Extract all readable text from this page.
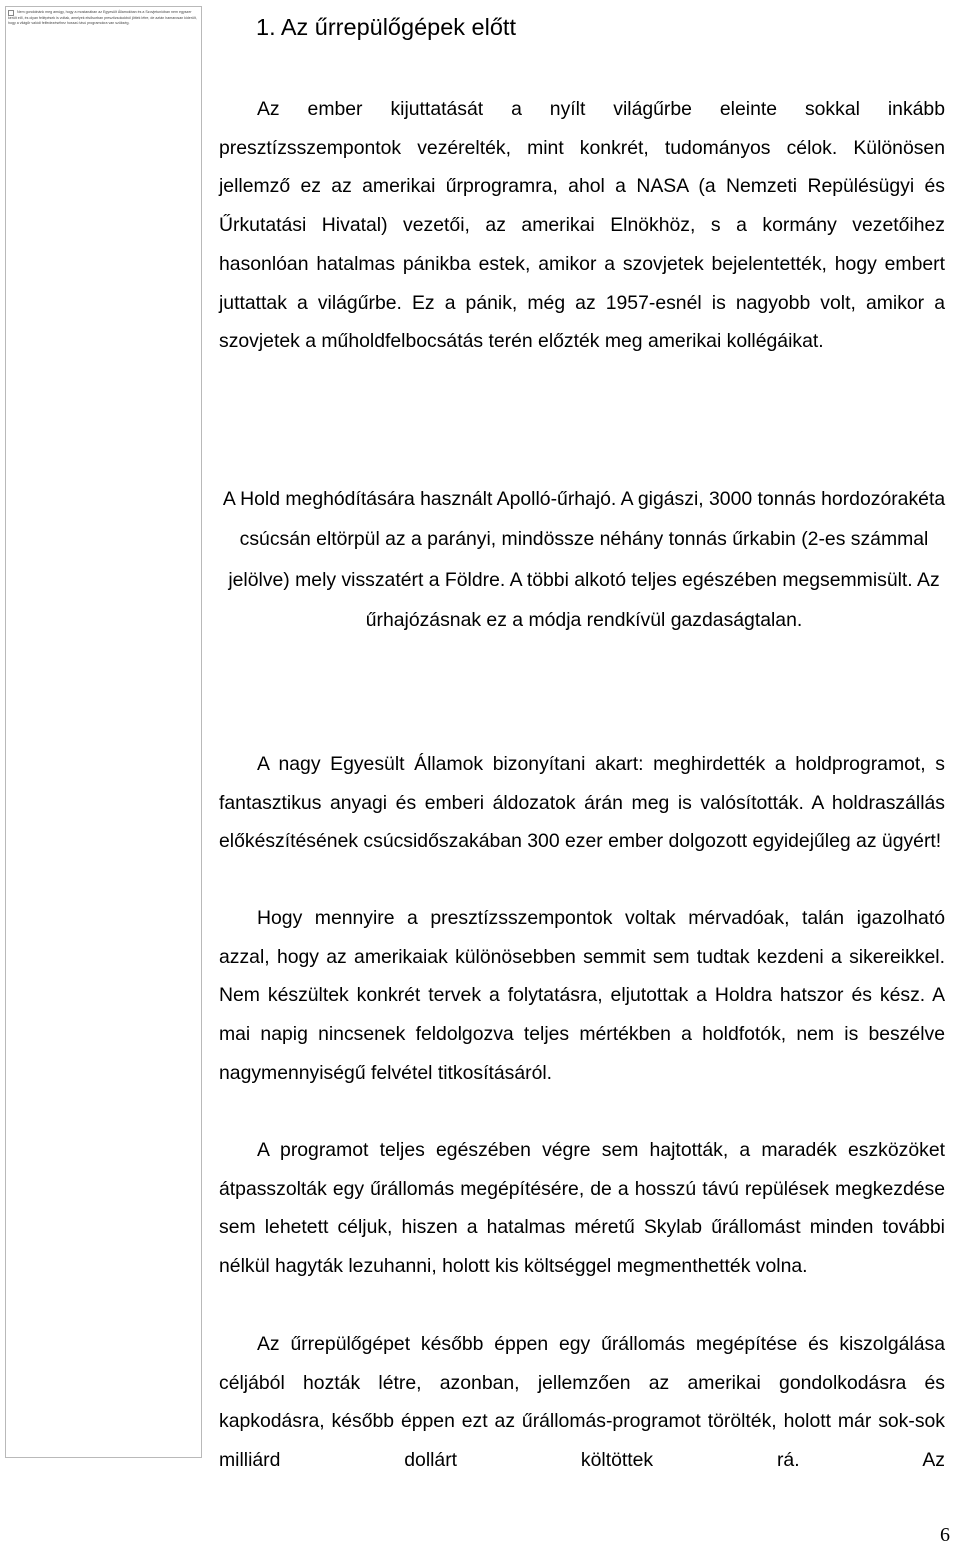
Nem gondolnánk meg amúgy, hogy a mostanában az Egyesült Államokban és a Szovjetunióban nem egyszer került elő, és olyan fellépések is voltak, amelyek elsősorban presztízsokokból jöttek létre, de aztán hamarosan kiderült, hogy a világűr valódi felfedezéséhez hosszú távú programokra van szükség.	1. Az űrrepülőgépek előtt

Az ember kijuttatását a nyílt világűrbe eleinte sokkal inkább presztízsszempontok vezérelték, mint konkrét, tudományos célok. Különösen jellemző ez az amerikai űrprogramra, ahol a NASA (a Nemzeti Repülésügyi és Űrkutatási Hivatal) vezetői, az amerikai Elnökhöz, s a kormány vezetőihez hasonlóan hatalmas pánikba estek, amikor a szovjetek bejelentették, hogy embert juttattak a világűrbe. Ez a pánik, még az 1957-esnél is nagyobb volt, amikor a szovjetek a műholdfelbocsátás terén előzték meg amerikai kollégáikat.

A Hold meghódítására használt Apolló-űrhajó. A gigászi, 3000 tonnás hordozórakéta csúcsán eltörpül az a parányi, mindössze néhány tonnás űrkabin (2-es számmal jelölve) mely visszatért a Földre. A többi alkotó teljes egészében megsemmisült. Az űrhajózásnak ez a módja rendkívül gazdaságtalan.

A nagy Egyesült Államok bizonyítani akart: meghirdették a holdprogramot, s fantasztikus anyagi és emberi áldozatok árán meg is valósították. A holdraszállás előkészítésének csúcsidőszakában 300 ezer ember dolgozott egyidejűleg az ügyért!

Hogy mennyire a presztízsszempontok voltak mérvadóak, talán igazolható azzal, hogy az amerikaiak különösebben semmit sem tudtak kezdeni a sikereikkel. Nem készültek konkrét tervek a folytatásra, eljutottak a Holdra hatszor és kész. A mai napig nincsenek feldolgozva teljes mértékben a holdfotók, nem is beszélve nagymennyiségű felvétel titkosításáról.

A programot teljes egészében végre sem hajtották, a maradék eszközöket átpasszolták egy űrállomás megépítésére, de a hosszú távú repülések megkezdése sem lehetett céljuk, hiszen a hatalmas méretű Skylab űrállomást minden további nélkül hagyták lezuhanni, holott kis költséggel megmenthették volna.

Az űrrepülőgépet később éppen egy űrállomás megépítése és kiszolgálása céljából hozták létre, azonban, jellemzően az amerikai gondolkodásra és kapkodásra, később éppen ezt az űrállomás-programot törölték, holott már sok-sok milliárd dollárt költöttek rá. Az

6
